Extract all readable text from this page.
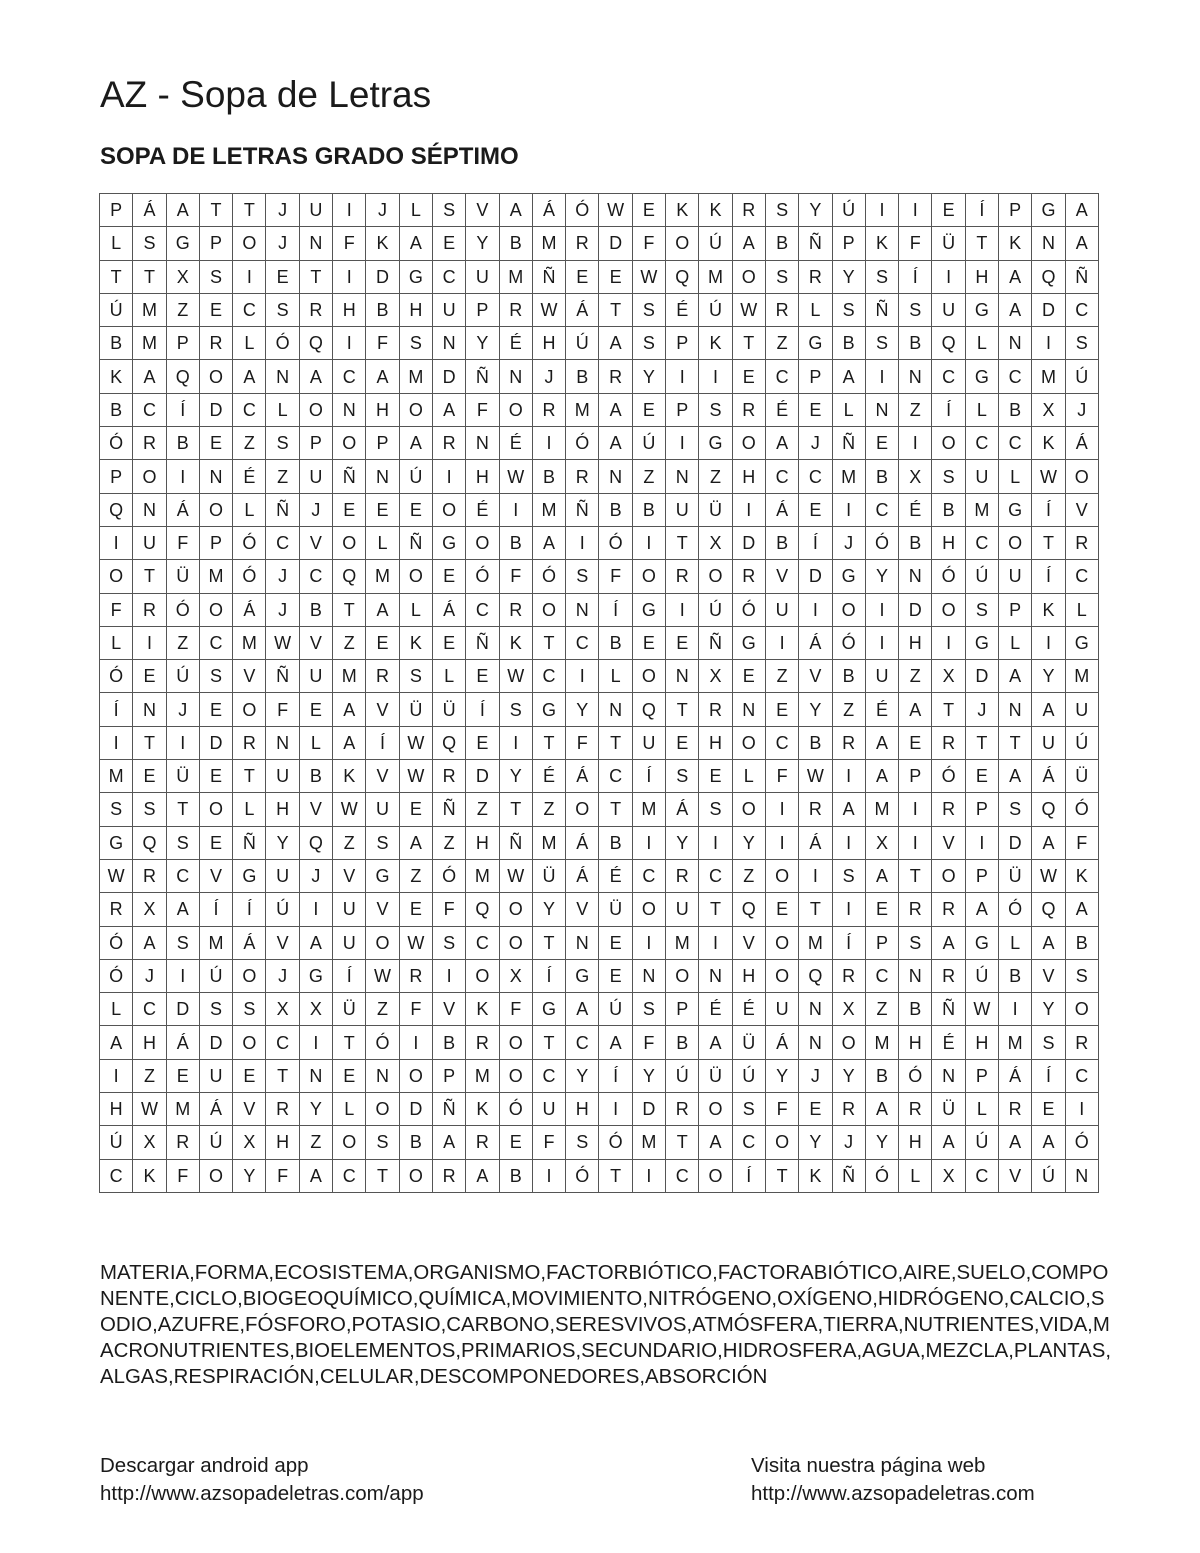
AZ - Sopa de Letras
SOPA DE LETRAS GRADO SÉPTIMO
P	Á	A	T	T	J	U	I	J	L	S	V	A	Á	Ó	W	E	K	K	R	S	Y	Ú	I	I	E	Í	P	G	A
L	S	G	P	O	J	N	F	K	A	E	Y	B	M	R	D	F	O	Ú	A	B	Ñ	P	K	F	Ü	T	K	N	A
T	T	X	S	I	E	T	I	D	G	C	U	M	Ñ	E	E	W	Q	M	O	S	R	Y	S	Í	I	H	A	Q	Ñ
Ú	M	Z	E	C	S	R	H	B	H	U	P	R	W	Á	T	S	É	Ú	W	R	L	S	Ñ	S	U	G	A	D	C
B	M	P	R	L	Ó	Q	I	F	S	N	Y	É	H	Ú	A	S	P	K	T	Z	G	B	S	B	Q	L	N	I	S
K	A	Q	O	A	N	A	C	A	M	D	Ñ	N	J	B	R	Y	I	I	E	C	P	A	I	N	C	G	C	M	Ú
B	C	Í	D	C	L	O	N	H	O	A	F	O	R	M	A	E	P	S	R	É	E	L	N	Z	Í	L	B	X	J
Ó	R	B	E	Z	S	P	O	P	A	R	N	É	I	Ó	A	Ú	I	G	O	A	J	Ñ	E	I	O	C	C	K	Á
P	O	I	N	É	Z	U	Ñ	N	Ú	I	H	W	B	R	N	Z	N	Z	H	C	C	M	B	X	S	U	L	W	O
Q	N	Á	O	L	Ñ	J	E	E	E	O	É	I	M	Ñ	B	B	U	Ü	I	Á	E	I	C	É	B	M	G	Í	V
I	U	F	P	Ó	C	V	O	L	Ñ	G	O	B	A	I	Ó	I	T	X	D	B	Í	J	Ó	B	H	C	O	T	R
O	T	Ü	M	Ó	J	C	Q	M	O	E	Ó	F	Ó	S	F	O	R	O	R	V	D	G	Y	N	Ó	Ú	U	Í	C
F	R	Ó	O	Á	J	B	T	A	L	Á	C	R	O	N	Í	G	I	Ú	Ó	U	I	O	I	D	O	S	P	K	L
L	I	Z	C	M	W	V	Z	E	K	E	Ñ	K	T	C	B	E	E	Ñ	G	I	Á	Ó	I	H	I	G	L	I	G
Ó	E	Ú	S	V	Ñ	U	M	R	S	L	E	W	C	I	L	O	N	X	E	Z	V	B	U	Z	X	D	A	Y	M
Í	N	J	E	O	F	E	A	V	Ü	Ü	Í	S	G	Y	N	Q	T	R	N	E	Y	Z	É	A	T	J	N	A	U
I	T	I	D	R	N	L	A	Í	W	Q	E	I	T	F	T	U	E	H	O	C	B	R	A	E	R	T	T	U	Ú
M	E	Ü	E	T	U	B	K	V	W	R	D	Y	É	Á	C	Í	S	E	L	F	W	I	A	P	Ó	E	A	Á	Ü
S	S	T	O	L	H	V	W	U	E	Ñ	Z	T	Z	O	T	M	Á	S	O	I	R	A	M	I	R	P	S	Q	Ó
G	Q	S	E	Ñ	Y	Q	Z	S	A	Z	H	Ñ	M	Á	B	I	Y	I	Y	I	Á	I	X	I	V	I	D	A	F
W	R	C	V	G	U	J	V	G	Z	Ó	M	W	Ü	Á	É	C	R	C	Z	O	I	S	A	T	O	P	Ü	W	K
R	X	A	Í	Í	Ú	I	U	V	E	F	Q	O	Y	V	Ü	O	U	T	Q	E	T	I	E	R	R	A	Ó	Q	A
Ó	A	S	M	Á	V	A	U	O	W	S	C	O	T	N	E	I	M	I	V	O	M	Í	P	S	A	G	L	A	B
Ó	J	I	Ú	O	J	G	Í	W	R	I	O	X	Í	G	E	N	O	N	H	O	Q	R	C	N	R	Ú	B	V	S
L	C	D	S	S	X	X	Ü	Z	F	V	K	F	G	A	Ú	S	P	É	É	U	N	X	Z	B	Ñ	W	I	Y	O
A	H	Á	D	O	C	I	T	Ó	I	B	R	O	T	C	A	F	B	A	Ü	Á	N	O	M	H	É	H	M	S	R
I	Z	E	U	E	T	N	E	N	O	P	M	O	C	Y	Í	Y	Ú	Ü	Ú	Y	J	Y	B	Ó	N	P	Á	Í	C
H	W	M	Á	V	R	Y	L	O	D	Ñ	K	Ó	U	H	I	D	R	O	S	F	E	R	A	R	Ü	L	R	E	I
Ú	X	R	Ú	X	H	Z	O	S	B	A	R	E	F	S	Ó	M	T	A	C	O	Y	J	Y	H	A	Ú	A	A	Ó
C	K	F	O	Y	F	A	C	T	O	R	A	B	I	Ó	T	I	C	O	Í	T	K	Ñ	Ó	L	X	C	V	Ú	N

MATERIA,FORMA,ECOSISTEMA,ORGANISMO,FACTORBIÓTICO,FACTORABIÓTICO,AIRE,SUELO,COMPONENTE,CICLO,BIOGEOQUÍMICO,QUÍMICA,MOVIMIENTO,NITRÓGENO,OXÍGENO,HIDRÓGENO,CALCIO,SODIO,AZUFRE,FÓSFORO,POTASIO,CARBONO,SERESVIVOS,ATMÓSFERA,TIERRA,NUTRIENTES,VIDA,MACRONUTRIENTES,BIOELEMENTOS,PRIMARIOS,SECUNDARIO,HIDROSFERA,AGUA,MEZCLA,PLANTAS,ALGAS,RESPIRACIÓN,CELULAR,DESCOMPONEDORES,ABSORCIÓN

Descargar android app
http://www.azsopadeletras.com/app
Visita nuestra página web
http://www.azsopadeletras.com
